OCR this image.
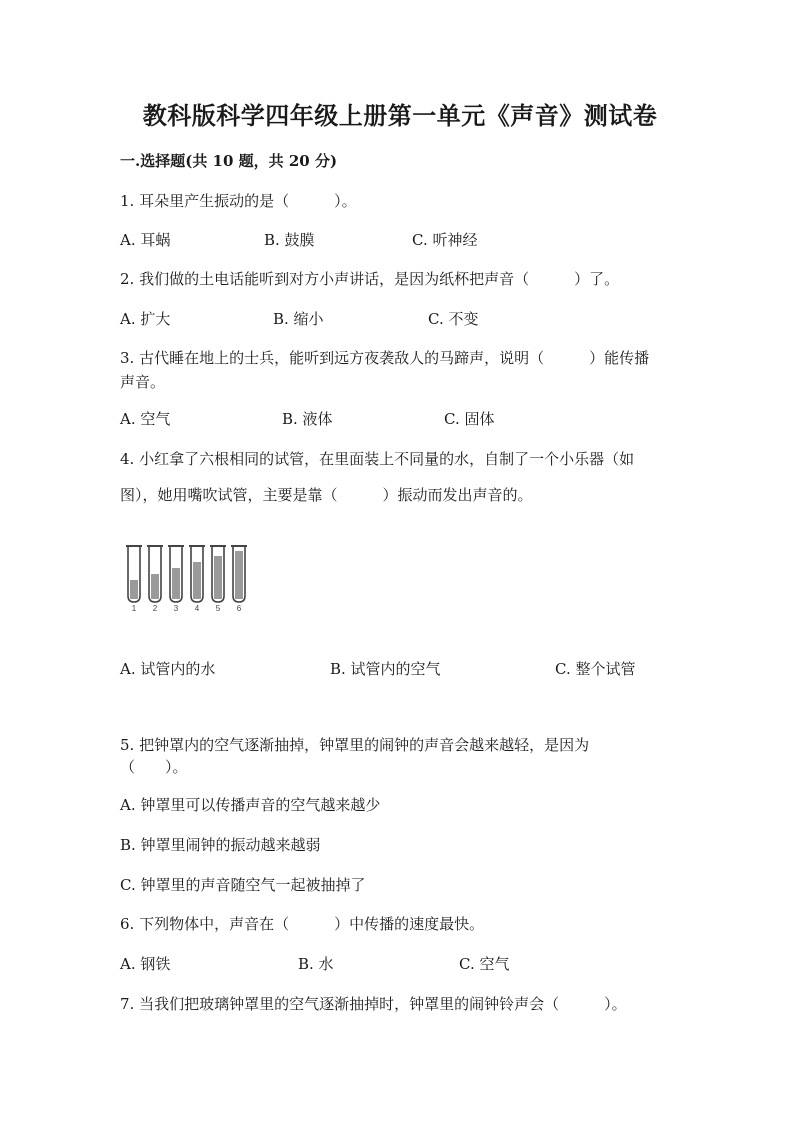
教科版科学四年级上册第一单元《声音》测试卷
一.选择题(共 10 题，共 20 分)
1. 耳朵里产生振动的是（　　　）。
A. 耳蜗	B. 鼓膜	C. 听神经
2. 我们做的土电话能听到对方小声讲话，是因为纸杯把声音（　　　）了。
A. 扩大	B. 缩小	C. 不变
3. 古代睡在地上的士兵，能听到远方夜袭敌人的马蹄声，说明（　　　）能传播
声音。
A. 空气	B. 液体	C. 固体
4. 小红拿了六根相同的试管，在里面装上不同量的水，自制了一个小乐器（如
图），她用嘴吹试管，主要是靠（　　　）振动而发出声音的。
1 2 3 4 5 6
A. 试管内的水	B. 试管内的空气	C. 整个试管
5. 把钟罩内的空气逐渐抽掉，钟罩里的闹钟的声音会越来越轻，是因为
（　　）。
A. 钟罩里可以传播声音的空气越来越少
B. 钟罩里闹钟的振动越来越弱
C. 钟罩里的声音随空气一起被抽掉了
6. 下列物体中，声音在（　　　）中传播的速度最快。
A. 钢铁	B. 水	C. 空气
7. 当我们把玻璃钟罩里的空气逐渐抽掉时，钟罩里的闹钟铃声会（　　　）。
